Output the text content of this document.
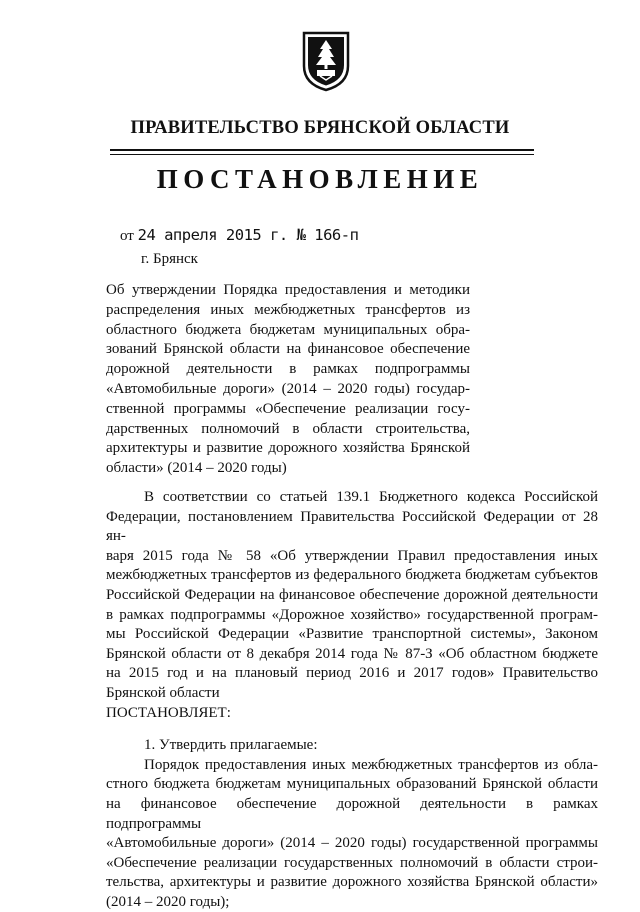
ПРАВИТЕЛЬСТВО БРЯНСКОЙ ОБЛАСТИ
ПОСТАНОВЛЕНИЕ
от 24 апреля 2015 г. № 166-п
г. Брянск
Об утверждении Порядка предоставления и методики
распределения иных межбюджетных трансфертов из
областного бюджета бюджетам муниципальных обра-
зований Брянской области на финансовое обеспечение
дорожной деятельности в рамках подпрограммы
«Автомобильные дороги» (2014 – 2020 годы) государ-
ственной программы «Обеспечение реализации госу-
дарственных полномочий в области строительства,
архитектуры и развитие дорожного хозяйства Брянской
области» (2014 – 2020 годы)
В соответствии со статьей 139.1 Бюджетного кодекса Российской
Федерации, постановлением Правительства Российской Федерации от 28 ян-
варя 2015 года № 58 «Об утверждении Правил предоставления иных
межбюджетных трансфертов из федерального бюджета бюджетам субъектов
Российской Федерации на финансовое обеспечение дорожной деятельности
в рамках подпрограммы «Дорожное хозяйство» государственной програм-
мы Российской Федерации «Развитие транспортной системы», Законом
Брянской области от 8 декабря 2014 года № 87-З «Об областном бюджете
на 2015 год и на плановый период 2016 и 2017 годов» Правительство
Брянской области
ПОСТАНОВЛЯЕТ:
1. Утвердить прилагаемые:
Порядок предоставления иных межбюджетных трансфертов из обла-
стного бюджета бюджетам муниципальных образований Брянской области
на финансовое обеспечение дорожной деятельности в рамках подпрограммы
«Автомобильные дороги» (2014 – 2020 годы) государственной программы
«Обеспечение реализации государственных полномочий в области строи-
тельства, архитектуры и развитие дорожного хозяйства Брянской области»
(2014 – 2020 годы);
